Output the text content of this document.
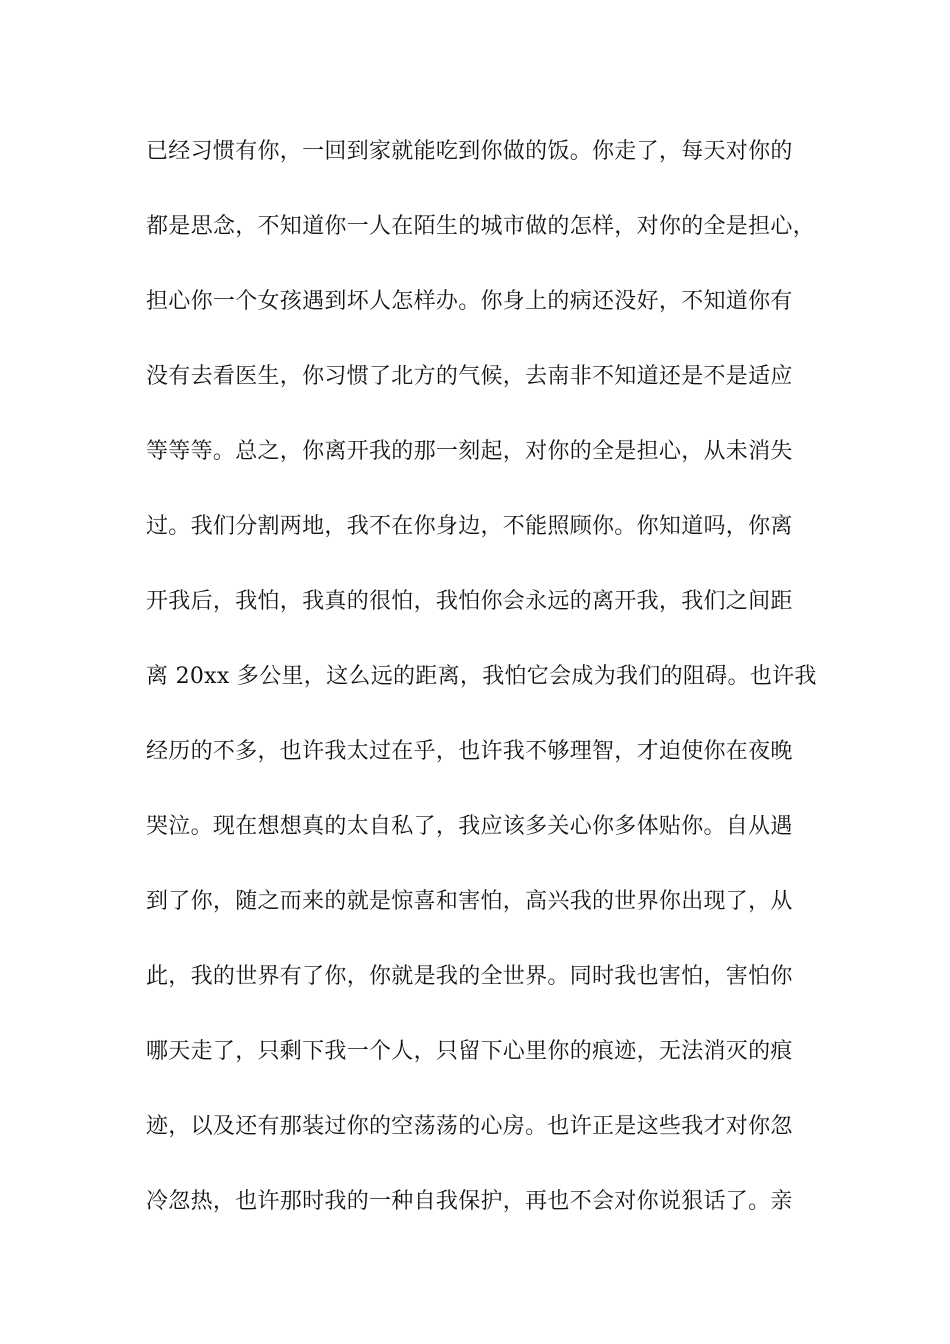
已经习惯有你，一回到家就能吃到你做的饭。你走了，每天对你的
都是思念，不知道你一人在陌生的城市做的怎样，对你的全是担心，
担心你一个女孩遇到坏人怎样办。你身上的病还没好，不知道你有
没有去看医生，你习惯了北方的气候，去南非不知道还是不是适应
等等等。总之，你离开我的那一刻起，对你的全是担心，从未消失
过。我们分割两地，我不在你身边，不能照顾你。你知道吗，你离
开我后，我怕，我真的很怕，我怕你会永远的离开我，我们之间距
离 20xx 多公里，这么远的距离，我怕它会成为我们的阻碍。也许我
经历的不多，也许我太过在乎，也许我不够理智，才迫使你在夜晚
哭泣。现在想想真的太自私了，我应该多关心你多体贴你。自从遇
到了你，随之而来的就是惊喜和害怕，高兴我的世界你出现了，从
此，我的世界有了你，你就是我的全世界。同时我也害怕，害怕你
哪天走了，只剩下我一个人，只留下心里你的痕迹，无法消灭的痕
迹，以及还有那装过你的空荡荡的心房。也许正是这些我才对你忽
冷忽热，也许那时我的一种自我保护，再也不会对你说狠话了。亲
